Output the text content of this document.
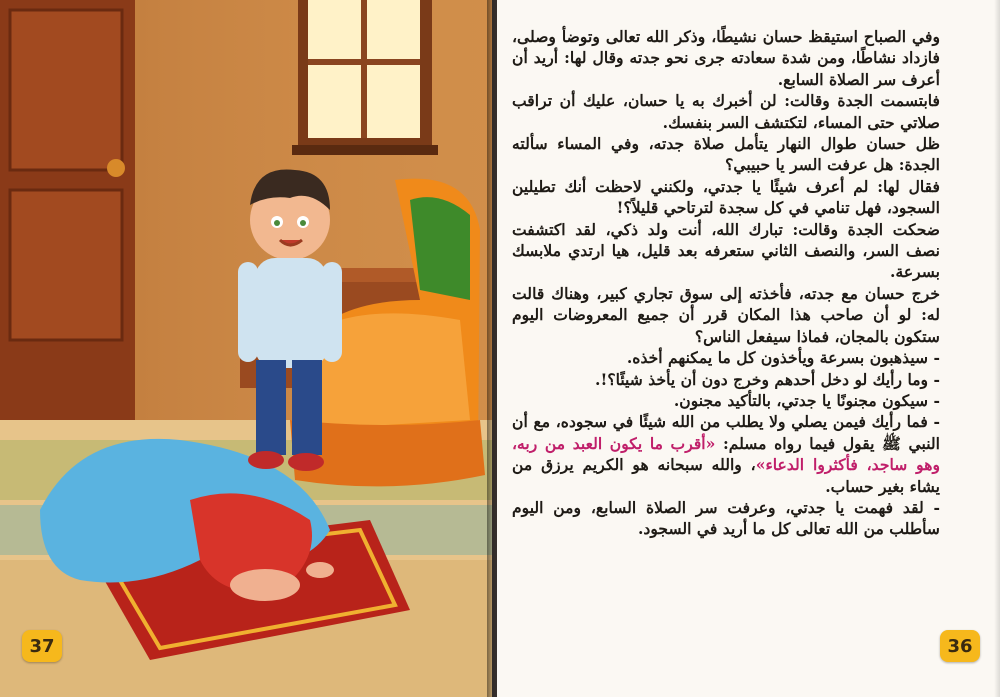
37

وفي الصباح استيقظ حسان نشيطًا، وذكر الله تعالى وتوضأ وصلى، فازداد نشاطًا، ومن شدة سعادته جرى نحو جدته وقال لها: أريد أن أعرف سر الصلاة السابع.

فابتسمت الجدة وقالت: لن أخبرك به يا حسان، عليك أن تراقب صلاتي حتى المساء، لتكتشف السر بنفسك.

ظل حسان طوال النهار يتأمل صلاة جدته، وفي المساء سألته الجدة: هل عرفت السر يا حبيبي؟

فقال لها: لم أعرف شيئًا يا جدتي، ولكنني لاحظت أنك تطيلين السجود، فهل تنامي في كل سجدة لترتاحي قليلاً؟!

ضحكت الجدة وقالت: تبارك الله، أنت ولد ذكي، لقد اكتشفت نصف السر، والنصف الثاني ستعرفه بعد قليل، هيا ارتدي ملابسك بسرعة.

خرج حسان مع جدته، فأخذته إلى سوق تجاري كبير، وهناك قالت له: لو أن صاحب هذا المكان قرر أن جميع المعروضات اليوم ستكون بالمجان، فماذا سيفعل الناس؟

- سيذهبون بسرعة ويأخذون كل ما يمكنهم أخذه.

- وما رأيك لو دخل أحدهم وخرج دون أن يأخذ شيئًا؟!.

- سيكون مجنونًا يا جدتي، بالتأكيد مجنون.

- فما رأيك فيمن يصلي ولا يطلب من الله شيئًا في سجوده، مع أن النبي ﷺ يقول فيما رواه مسلم: «أقرب ما يكون العبد من ربه، وهو ساجد، فأكثروا الدعاء»، والله سبحانه هو الكريم يرزق من يشاء بغير حساب.

- لقد فهمت يا جدتي، وعرفت سر الصلاة السابع، ومن اليوم سأطلب من الله تعالى كل ما أريد في السجود.

36
